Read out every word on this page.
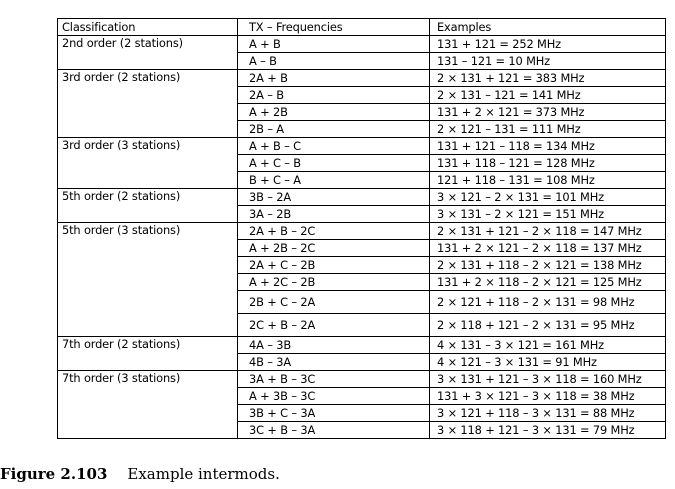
Classification	TX – Frequencies	Examples
2nd order (2 stations)	A + B	131 + 121 = 252 MHz
	A – B	131 – 121 = 10 MHz
3rd order (2 stations)	2A + B	2 × 131 + 121 = 383 MHz
	2A – B	2 × 131 – 121 = 141 MHz
	A + 2B	131 + 2 × 121 = 373 MHz
	2B – A	2 × 121 – 131 = 111 MHz
3rd order (3 stations)	A + B – C	131 + 121 – 118 = 134 MHz
	A + C – B	131 + 118 – 121 = 128 MHz
	B + C – A	121 + 118 – 131 = 108 MHz
5th order (2 stations)	3B – 2A	3 × 121 – 2 × 131 = 101 MHz
	3A – 2B	3 × 131 – 2 × 121 = 151 MHz
5th order (3 stations)	2A + B – 2C	2 × 131 + 121 – 2 × 118 = 147 MHz
	A + 2B – 2C	131 + 2 × 121 – 2 × 118 = 137 MHz
	2A + C – 2B	2 × 131 + 118 – 2 × 121 = 138 MHz
	A + 2C – 2B	131 + 2 × 118 – 2 × 121 = 125 MHz
	2B + C – 2A	2 × 121 + 118 – 2 × 131 = 98 MHz
	2C + B – 2A	2 × 118 + 121 – 2 × 131 = 95 MHz
7th order (2 stations)	4A – 3B	4 × 131 – 3 × 121 = 161 MHz
	4B – 3A	4 × 121 – 3 × 131 = 91 MHz
7th order (3 stations)	3A + B – 3C	3 × 131 + 121 – 3 × 118 = 160 MHz
	A + 3B – 3C	131 + 3 × 121 – 3 × 118 = 38 MHz
	3B + C – 3A	3 × 121 + 118 – 3 × 131 = 88 MHz
	3C + B – 3A	3 × 118 + 121 – 3 × 131 = 79 MHz
Figure 2.103 Example intermods.
